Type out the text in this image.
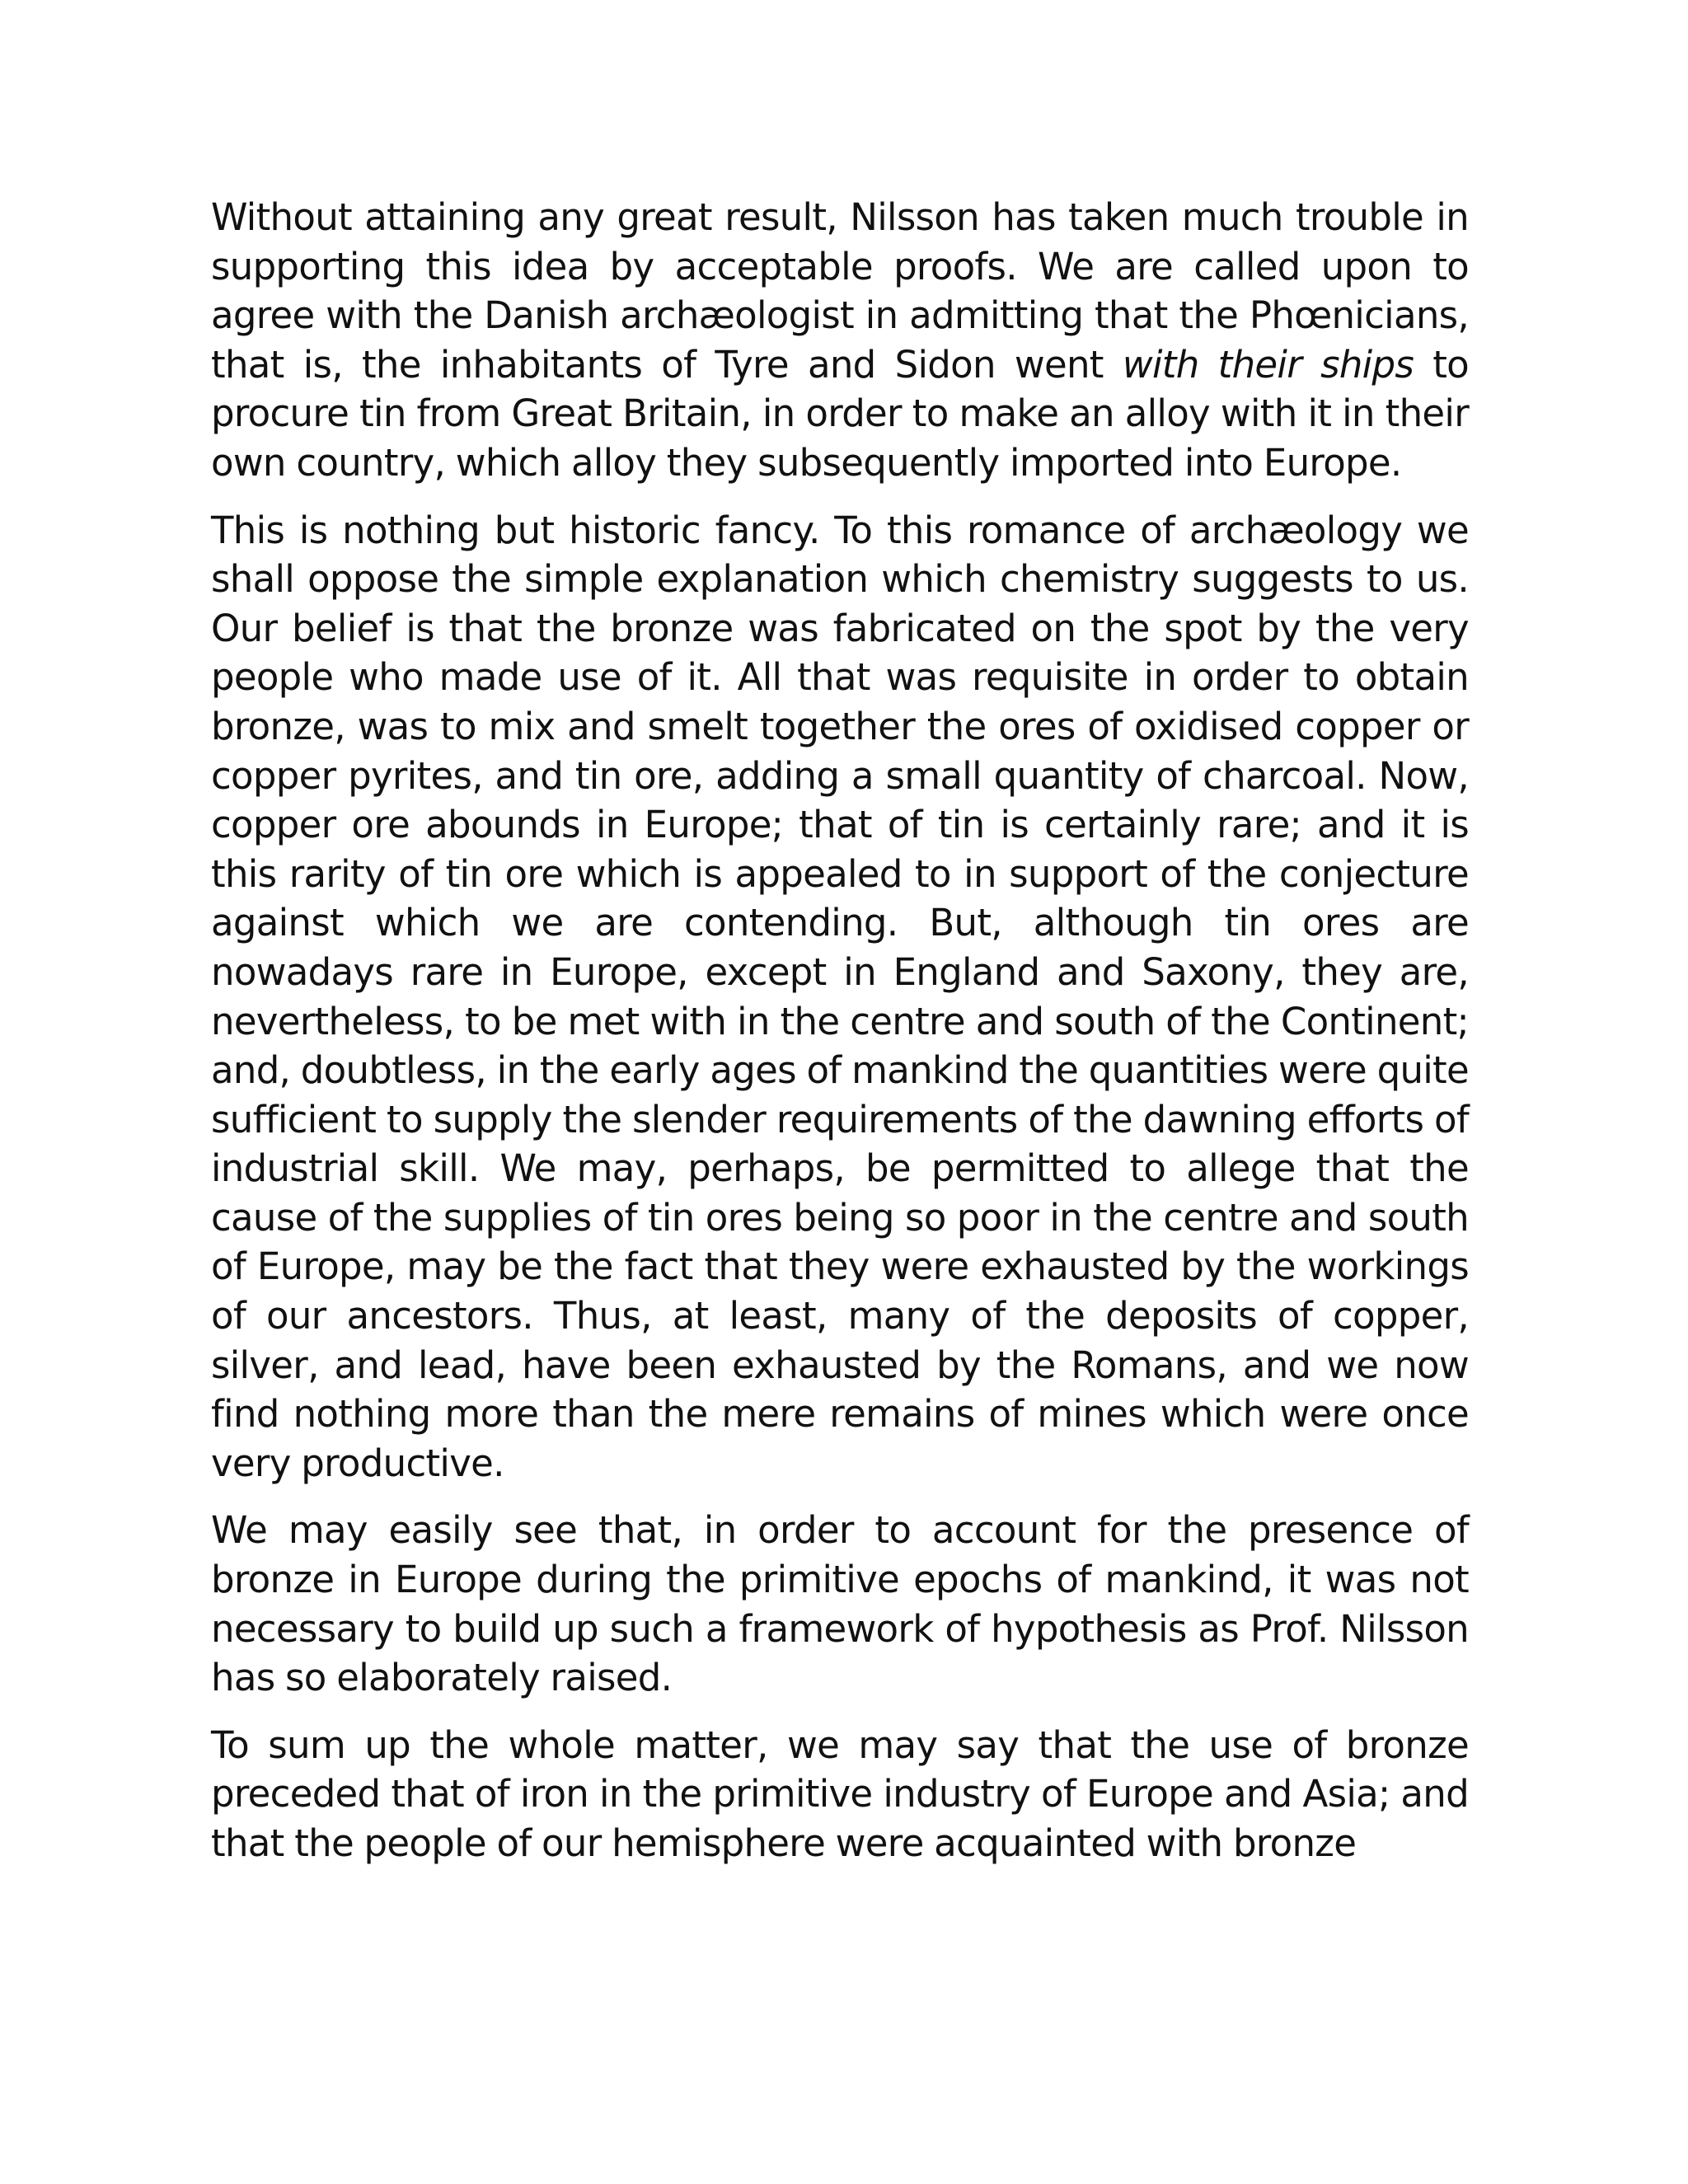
Without attaining any great result, Nilsson has taken much trouble in supporting this idea by acceptable proofs. We are called upon to agree with the Danish archæologist in admitting that the Phœnicians, that is, the inhabitants of Tyre and Sidon went with their ships to procure tin from Great Britain, in order to make an alloy with it in their own country, which alloy they subsequently imported into Europe.

This is nothing but historic fancy. To this romance of archæology we shall oppose the simple explanation which chemistry suggests to us. Our belief is that the bronze was fabricated on the spot by the very people who made use of it. All that was requisite in order to obtain bronze, was to mix and smelt together the ores of oxidised copper or copper pyrites, and tin ore, adding a small quantity of charcoal. Now, copper ore abounds in Europe; that of tin is certainly rare; and it is this rarity of tin ore which is appealed to in support of the conjecture against which we are contending. But, although tin ores are nowadays rare in Europe, except in England and Saxony, they are, nevertheless, to be met with in the centre and south of the Continent; and, doubtless, in the early ages of mankind the quantities were quite sufficient to supply the slender requirements of the dawning efforts of industrial skill. We may, perhaps, be permitted to allege that the cause of the supplies of tin ores being so poor in the centre and south of Europe, may be the fact that they were exhausted by the workings of our ancestors. Thus, at least, many of the deposits of copper, silver, and lead, have been exhausted by the Romans, and we now find nothing more than the mere remains of mines which were once very productive.

We may easily see that, in order to account for the presence of bronze in Europe during the primitive epochs of mankind, it was not necessary to build up such a framework of hypothesis as Prof. Nilsson has so elaborately raised.

To sum up the whole matter, we may say that the use of bronze preceded that of iron in the primitive industry of Europe and Asia; and that the people of our hemisphere were acquainted with bronze
